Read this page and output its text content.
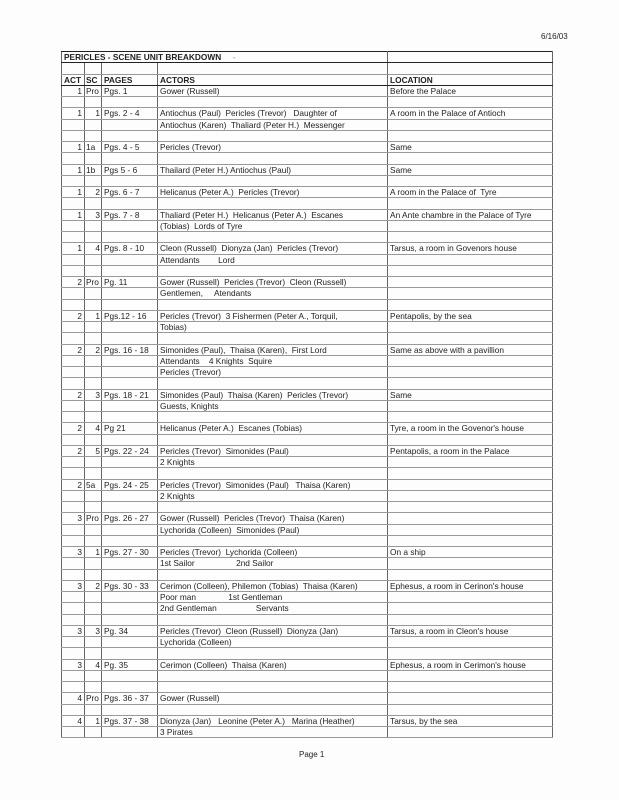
6/16/03
PERICLES - SCENE UNIT BREAKDOWN -				

ACT	SC	PAGES	ACTORS	LOCATION
1	Pro	Pgs. 1	Gower (Russell)	Before the Palace

1	1	Pgs. 2 - 4	Antiochus (Paul)  Pericles (Trevor)   Daughter of	A room in the Palace of Antioch
			Antiochus (Karen)  Thaliard (Peter H.)  Messenger	

1	1a	Pgs. 4 - 5	Pericles (Trevor)	Same

1	1b	Pgs 5 - 6	Thailard (Peter H.) Antiochus (Paul)	Same

1	2	Pgs. 6 - 7	Helicanus (Peter A.)  Pericles (Trevor)	A room in the Palace of  Tyre

1	3	Pgs. 7 - 8	Thaliard (Peter H.)  Helicanus (Peter A.)  Escanes	An Ante chambre in the Palace of Tyre
			(Tobias)  Lords of Tyre	

1	4	Pgs. 8 - 10	Cleon (Russell)  Dionyza (Jan)  Pericles (Trevor)	Tarsus, a room in Govenors house
			Attendants        Lord	

2	Pro	Pg. 11	Gower (Russell)  Pericles (Trevor)  Cleon (Russell)	
			Gentlemen,     Atendants	

2	1	Pgs.12 - 16	Pericles (Trevor)  3 Fishermen (Peter A., Torquil,	Pentapolis, by the sea
			Tobias)	

2	2	Pgs. 16 - 18	Simonides (Paul),  Thaisa (Karen),  First Lord	Same as above with a pavillion
			Attendants    4 Knights  Squire	
			Pericles (Trevor)	

2	3	Pgs. 18 - 21	Simonides (Paul)  Thaisa (Karen)  Pericles (Trevor)	Same
			Guests, Knights	

2	4	Pg 21	Helicanus (Peter A.)  Escanes (Tobias)	Tyre, a room in the Govenor's house

2	5	Pgs. 22 - 24	Pericles (Trevor)  Simonides (Paul)	Pentapolis, a room in the Palace
			2 Knights	

2	5a	Pgs. 24 - 25	Pericles (Trevor)  Simonides (Paul)   Thaisa (Karen)	
			2 Knights	

3	Pro	Pgs. 26 - 27	Gower (Russell)  Pericles (Trevor)  Thaisa (Karen)	
			Lychorida (Colleen)  Simonides (Paul)	

3	1	Pgs. 27 - 30	Pericles (Trevor)  Lychorida (Colleen)	On a ship
			1st Sailor                  2nd Sailor	

3	2	Pgs. 30 - 33	Cerimon (Colleen), Philemon (Tobias)  Thaisa (Karen)	Ephesus, a room in Cerinon's house
			Poor man              1st Gentleman	
			2nd Gentleman                 Servants	

3	3	Pg. 34	Pericles (Trevor)  Cleon (Russell)  Dionyza (Jan)	Tarsus, a room in Cleon's house
			Lychorida (Colleen)	

3	4	Pg. 35	Cerimon (Colleen)  Thaisa (Karen)	Ephesus, a room in Cerimon's house

4	Pro	Pgs. 36 - 37	Gower (Russell)	

4	1	Pgs. 37 - 38	Dionyza (Jan)   Leonine (Peter A.)   Marina (Heather)	Tarsus, by the sea
			3 Pirates	
Page 1
